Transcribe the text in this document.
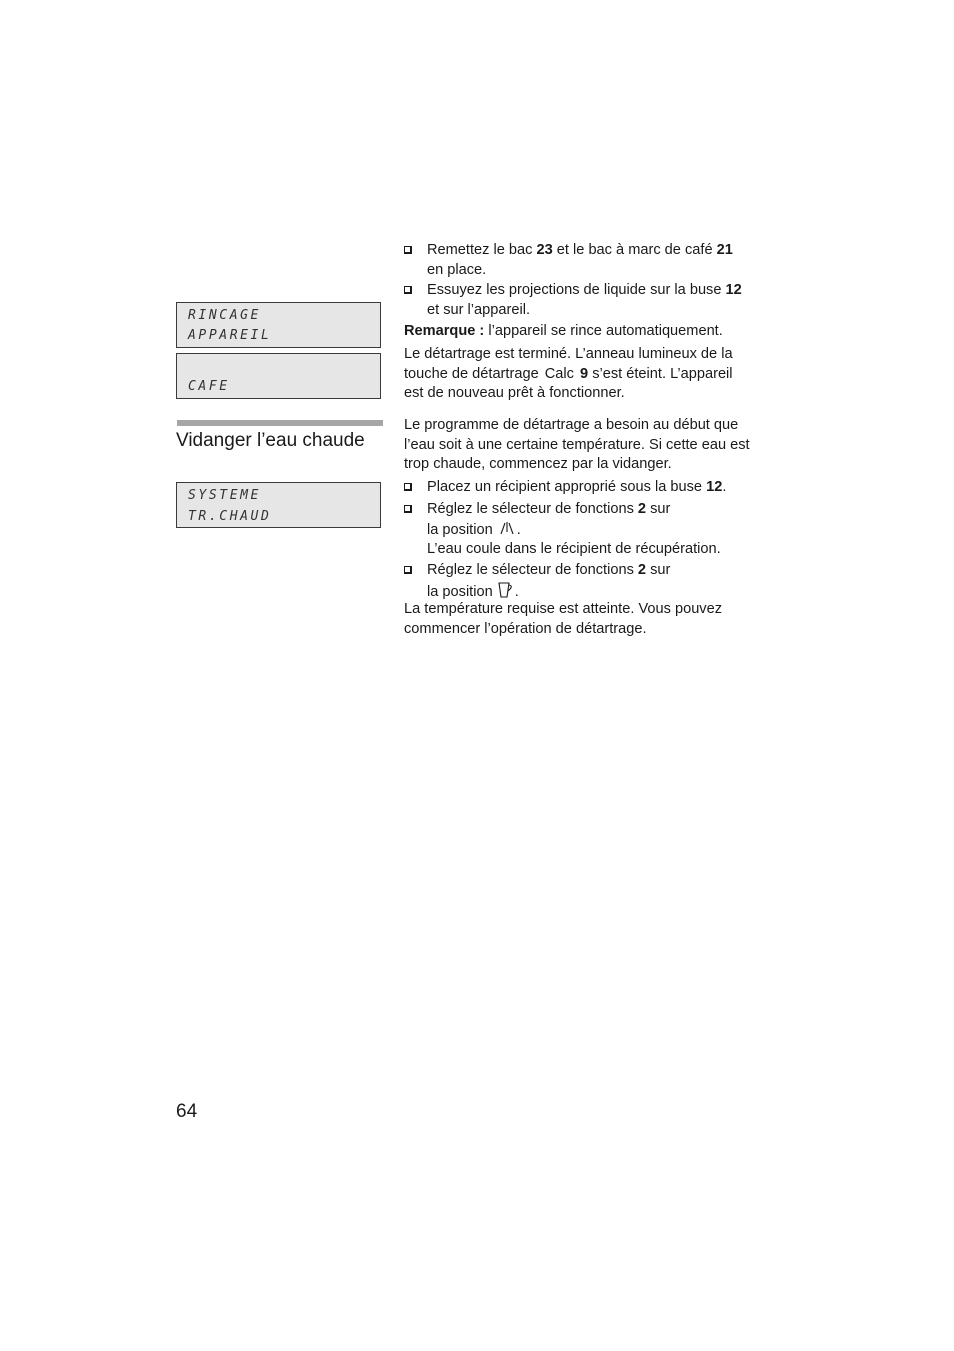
RINCAGE
APPAREIL
CAFE
Vidanger l’eau chaude
SYSTEME
TR.CHAUD
Remettez le bac 23 et le bac à marc de café 21
en place.
Essuyez les projections de liquide sur la buse 12
et sur l’appareil.

Remarque : l’appareil se rince automatiquement.

Le détartrage est terminé. L’anneau lumineux de la
touche de détartrage Calc 9 s’est éteint. L’appareil
est de nouveau prêt à fonctionner.

Le programme de détartrage a besoin au début que
l’eau soit à une certaine température. Si cette eau est
trop chaude, commencez par la vidanger.

Placez un récipient approprié sous la buse 12.
Réglez le sélecteur de fonctions 2 sur
la position .
L’eau coule dans le récipient de récupération.
Réglez le sélecteur de fonctions 2 sur
la position .

La température requise est atteinte. Vous pouvez
commencer l’opération de détartrage.

64
